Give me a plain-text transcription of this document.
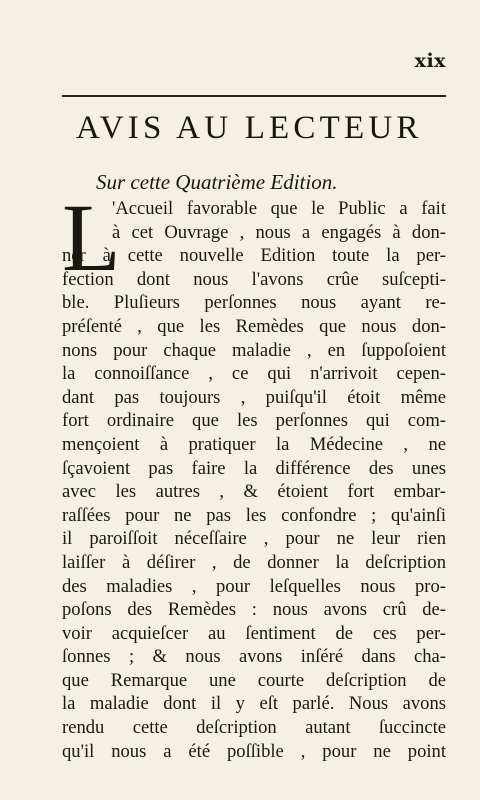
xix
AVIS AU LECTEUR
Sur cette Quatrième Edition.
L
'Accueil favorable que le Public a fait
à cet Ouvrage , nous a engagés à don-
ner à cette nouvelle Edition toute la per-
fection dont nous l'avons crûe suſcepti-
ble. Pluſieurs perſonnes nous ayant re-
préſenté , que les Remèdes que nous don-
nons pour chaque maladie , en ſuppoſoient
la connoiſſance , ce qui n'arrivoit cepen-
dant pas toujours , puiſqu'il étoit même
fort ordinaire que les perſonnes qui com-
mençoient à pratiquer la Médecine , ne
ſçavoient pas faire la différence des unes
avec les autres , & étoient fort embar-
raſſées pour ne pas les confondre ; qu'ainſi
il paroiſſoit néceſſaire , pour ne leur rien
laiſſer à déſirer , de donner la deſcription
des maladies , pour leſquelles nous pro-
poſons des Remèdes : nous avons crû de-
voir acquieſcer au ſentiment de ces per-
ſonnes ; & nous avons inſéré dans cha-
que Remarque une courte deſcription de
la maladie dont il y eſt parlé. Nous avons
rendu cette deſcription autant ſuccincte
qu'il nous a été poſſible , pour ne point
